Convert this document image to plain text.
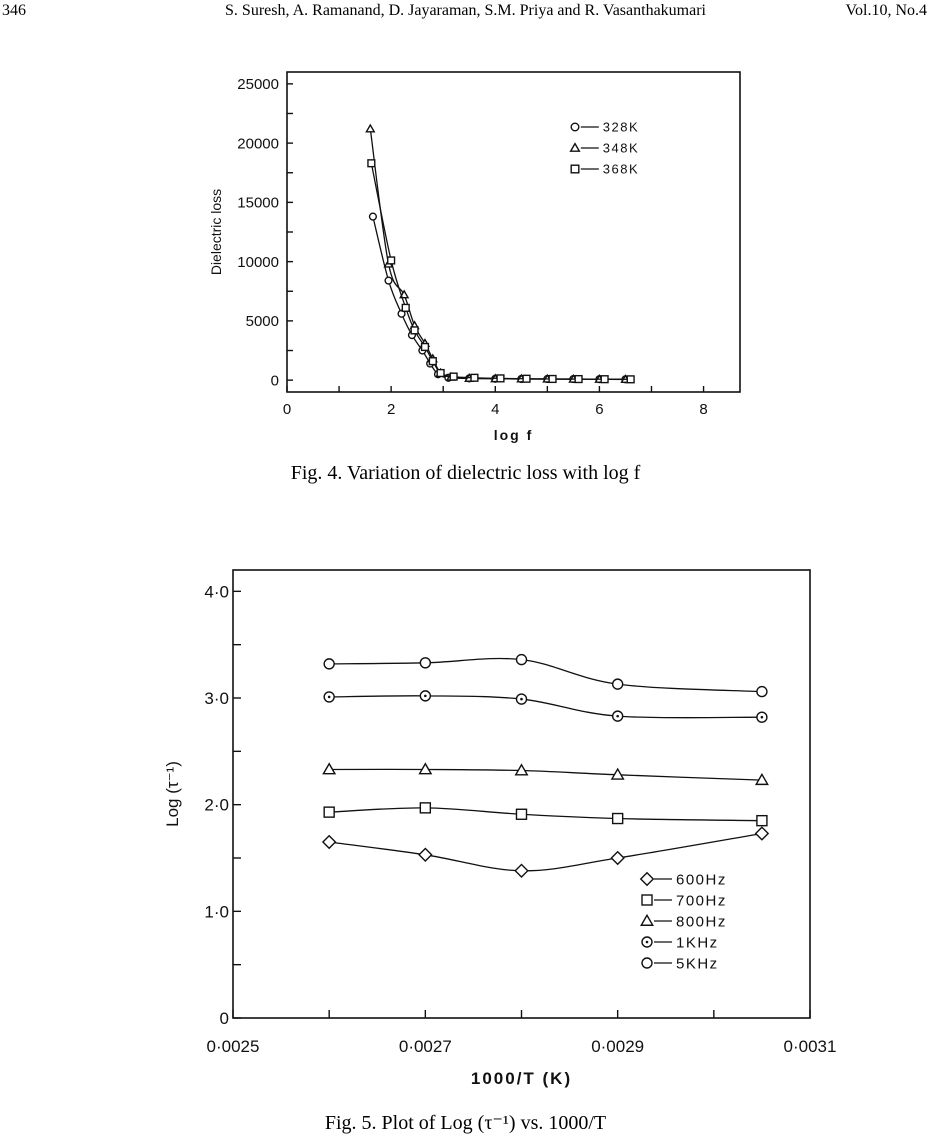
346	S. Suresh, A. Ramanand, D. Jayaraman, S.M. Priya and R. Vasanthakumari	Vol.10, No.4
0	2	4	6	8
0
5000
10000
15000
20000
25000
log f
Dielectric loss
328K
348K
368K
Fig. 4. Variation of dielectric loss with log f
0·0025	0·0027	0·0029	0·0031
0
1·0
2·0
3·0
4·0
1000/T (K)
Log (τ⁻¹)
600Hz
700Hz
800Hz
1KHz
5KHz
Fig. 5. Plot of Log (τ⁻¹) vs. 1000/T
